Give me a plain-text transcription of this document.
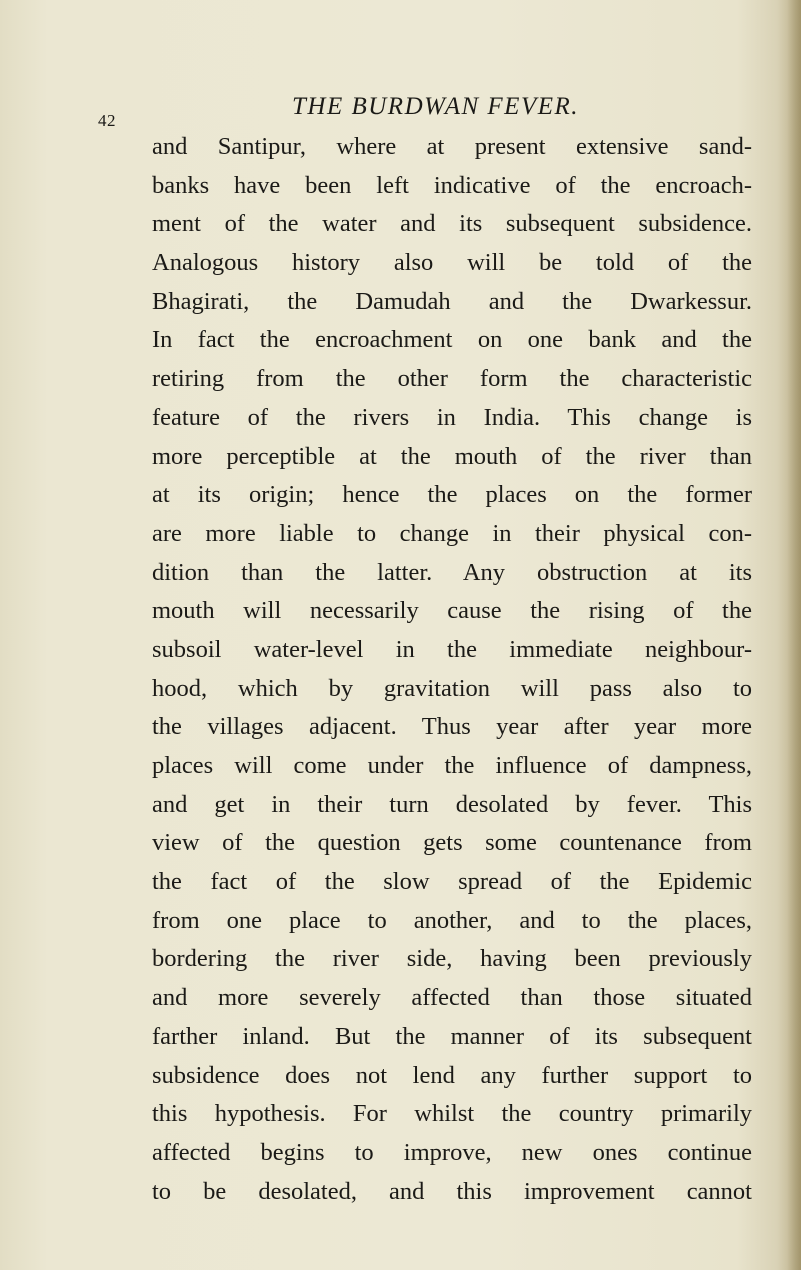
42
THE BURDWAN FEVER.
and Santipur, where at present extensive sand-
banks have been left indicative of the encroach-
ment of the water and its subsequent subsidence.
Analogous history also will be told of the
Bhagirati, the Damudah and the Dwarkessur.
In fact the encroachment on one bank and the
retiring from the other form the characteristic
feature of the rivers in India. This change is
more perceptible at the mouth of the river than
at its origin; hence the places on the former
are more liable to change in their physical con-
dition than the latter. Any obstruction at its
mouth will necessarily cause the rising of the
subsoil water-level in the immediate neighbour-
hood, which by gravitation will pass also to
the villages adjacent. Thus year after year more
places will come under the influence of dampness,
and get in their turn desolated by fever. This
view of the question gets some countenance from
the fact of the slow spread of the Epidemic
from one place to another, and to the places,
bordering the river side, having been previously
and more severely affected than those situated
farther inland. But the manner of its subsequent
subsidence does not lend any further support to
this hypothesis. For whilst the country primarily
affected begins to improve, new ones continue
to be desolated, and this improvement cannot
